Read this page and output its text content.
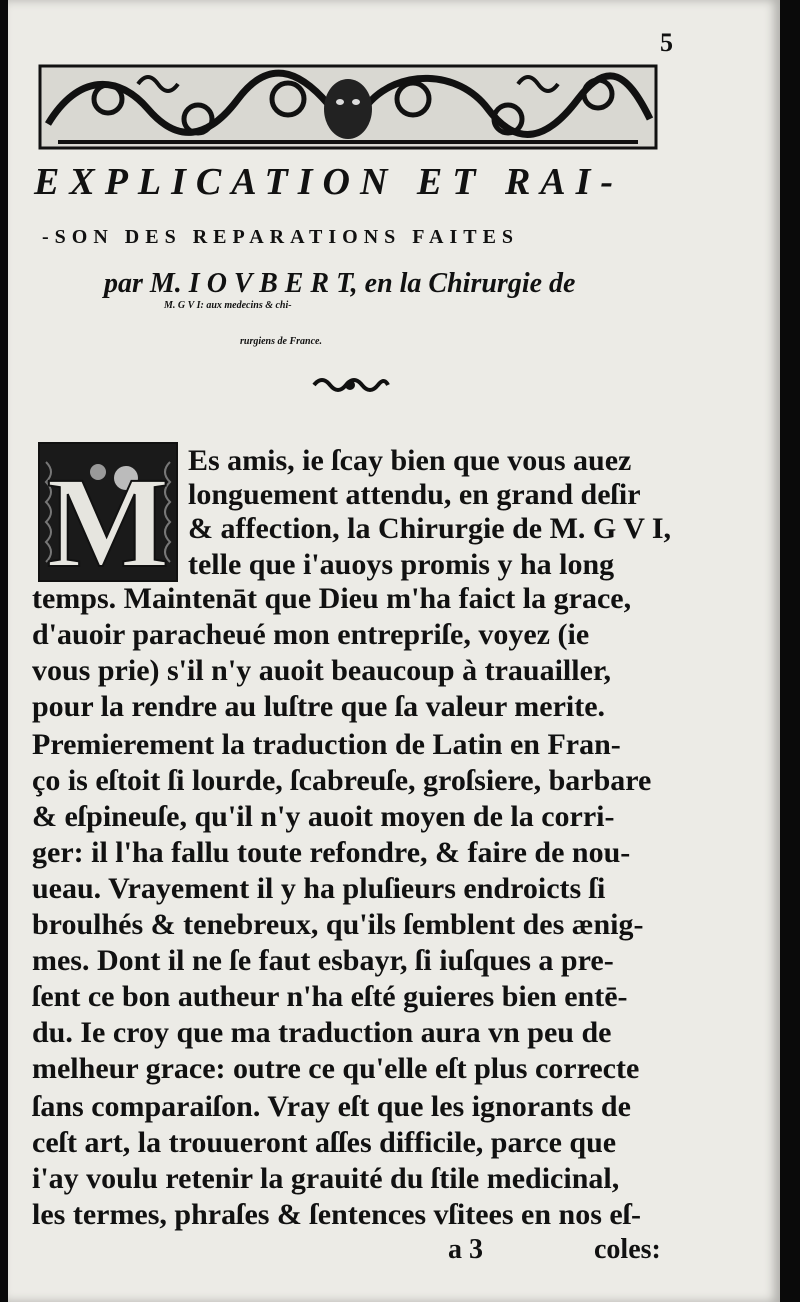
5
EXPLICATION ET RAI-
-SON DES REPARATIONS FAITES
par M. I O V B E R T, en la Chirurgie de
M. G V I: aux medecins & chi-
rurgiens de France.
M Es amis, ie ſcay bien que vous auez
longuement attendu, en grand deſir
& affection, la Chirurgie de M. G V I,
telle que i'auoys promis y ha long
temps. Maintenāt que Dieu m'ha faict la grace,
d'auoir paracheué mon entrepriſe, voyez (ie
vous prie) s'il n'y auoit beaucoup à trauailler,
pour la rendre au luſtre que ſa valeur merite.
Premierement la traduction de Latin en Fran-
ço is eſtoit ſi lourde, ſcabreuſe, groſsiere, barbare
& eſpineuſe, qu'il n'y auoit moyen de la corri-
ger: il l'ha fallu toute refondre, & faire de nou-
ueau. Vrayement il y ha pluſieurs endroicts ſi
broulhés & tenebreux, qu'ils ſemblent des ænig-
mes. Dont il ne ſe faut esbayr, ſi iuſques a pre-
ſent ce bon autheur n'ha eſté guieres bien entē-
du. Ie croy que ma traduction aura vn peu de
melheur grace: outre ce qu'elle eſt plus correcte
ſans comparaiſon. Vray eſt que les ignorants de
ceſt art, la trouueront aſſes difficile, parce que
i'ay voulu retenir la grauité du ſtile medicinal,
les termes, phraſes & ſentences vſitees en nos eſ-
a 3	coles:
